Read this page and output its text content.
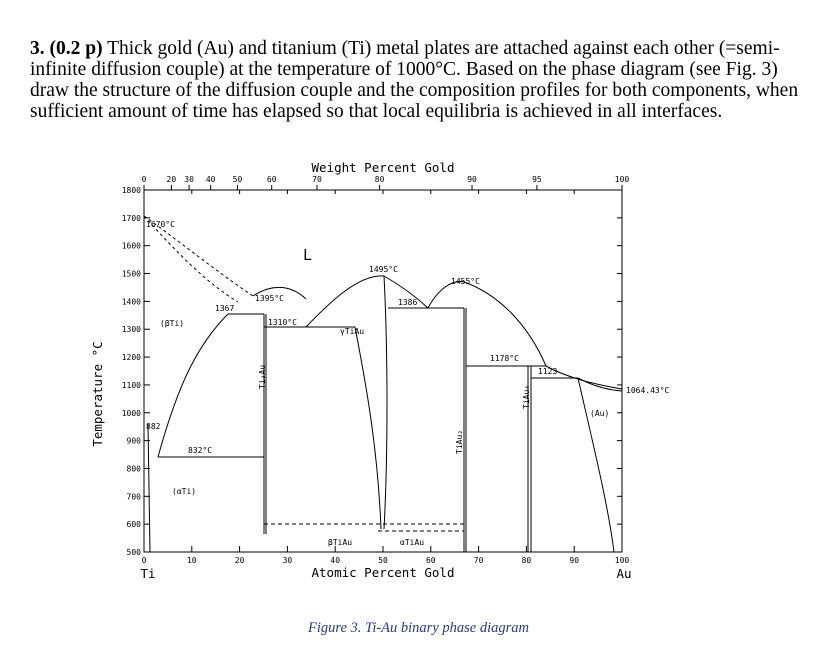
3. (0.2 p) Thick gold (Au) and titanium (Ti) metal plates are attached against each other (=semi-infinite diffusion couple) at the temperature of 1000°C. Based on the phase diagram (see Fig. 3) draw the structure of the diffusion couple and the composition profiles for both components, when sufficient amount of time has elapsed so that local equilibria is achieved in all interfaces.
Weight Percent Gold
Atomic Percent Gold
Temperature °C
Ti	Au
0	10	20	30	40	50	60	70	80	90	100
0	20 30 40 50	60	70	80	90	95	100
1800
1700
1600
1500
1400
1300
1200
1100
1000
900
800
700
600
500
L
(βTi)
(αTi)
Ti₃Au
γTiAu
TiAu₂
TiAu₄
(Au)
βTiAu	αTiAu
1670°C
1367
1395°C
1310°C
1495°C
1386
1455°C
1178°C
1123
1064.43°C
882
832°C
Figure 3. Ti-Au binary phase diagram
